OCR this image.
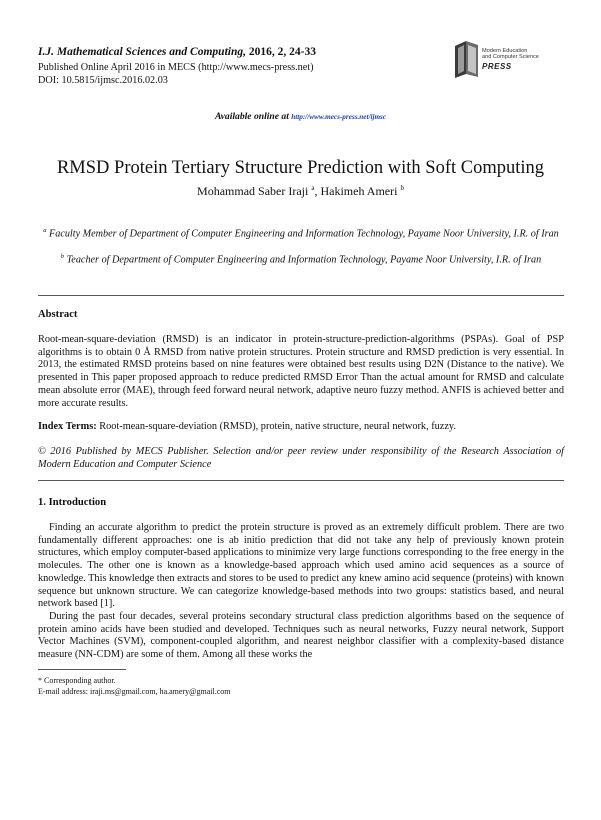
I.J. Mathematical Sciences and Computing, 2016, 2, 24-33
Published Online April 2016 in MECS (http://www.mecs-press.net)
DOI: 10.5815/ijmsc.2016.02.03
Modern Education
and Computer Science
PRESS
Available online at http://www.mecs-press.net/ijmsc
RMSD Protein Tertiary Structure Prediction with Soft Computing
Mohammad Saber Iraji $^a$, Hakimeh Ameri $^b$
$^a$ Faculty Member of Department of Computer Engineering and Information Technology, Payame Noor University, I.R. of Iran
$^b$ Teacher of Department of Computer Engineering and Information Technology, Payame Noor University, I.R. of Iran
Abstract
Root-mean-square-deviation (RMSD) is an indicator in protein-structure-prediction-algorithms (PSPAs). Goal of PSP algorithms is to obtain 0 Å RMSD from native protein structures. Protein structure and RMSD prediction is very essential. In 2013, the estimated RMSD proteins based on nine features were obtained best results using D2N (Distance to the native). We presented in This paper proposed approach to reduce predicted RMSD Error Than the actual amount for RMSD and calculate mean absolute error (MAE), through feed forward neural network, adaptive neuro fuzzy method. ANFIS is achieved better and more accurate results.
Index Terms: Root-mean-square-deviation (RMSD), protein, native structure, neural network, fuzzy.
© 2016 Published by MECS Publisher. Selection and/or peer review under responsibility of the Research Association of Modern Education and Computer Science
1. Introduction
Finding an accurate algorithm to predict the protein structure is proved as an extremely difficult problem. There are two fundamentally different approaches: one is ab initio prediction that did not take any help of previously known protein structures, which employ computer-based applications to minimize very large functions corresponding to the free energy in the molecules. The other one is known as a knowledge-based approach which used amino acid sequences as a source of knowledge. This knowledge then extracts and stores to be used to predict any knew amino acid sequence (proteins) with known sequence but unknown structure. We can categorize knowledge-based methods into two groups: statistics based, and neural network based [1].
During the past four decades, several proteins secondary structural class prediction algorithms based on the sequence of protein amino acids have been studied and developed. Techniques such as neural networks, Fuzzy neural network, Support Vector Machines (SVM), component-coupled algorithm, and nearest neighbor classifier with a complexity-based distance measure (NN-CDM) are some of them. Among all these works the
* Corresponding author.
E-mail address: iraji.ms@gmail.com, ha.amery@gmail.com
